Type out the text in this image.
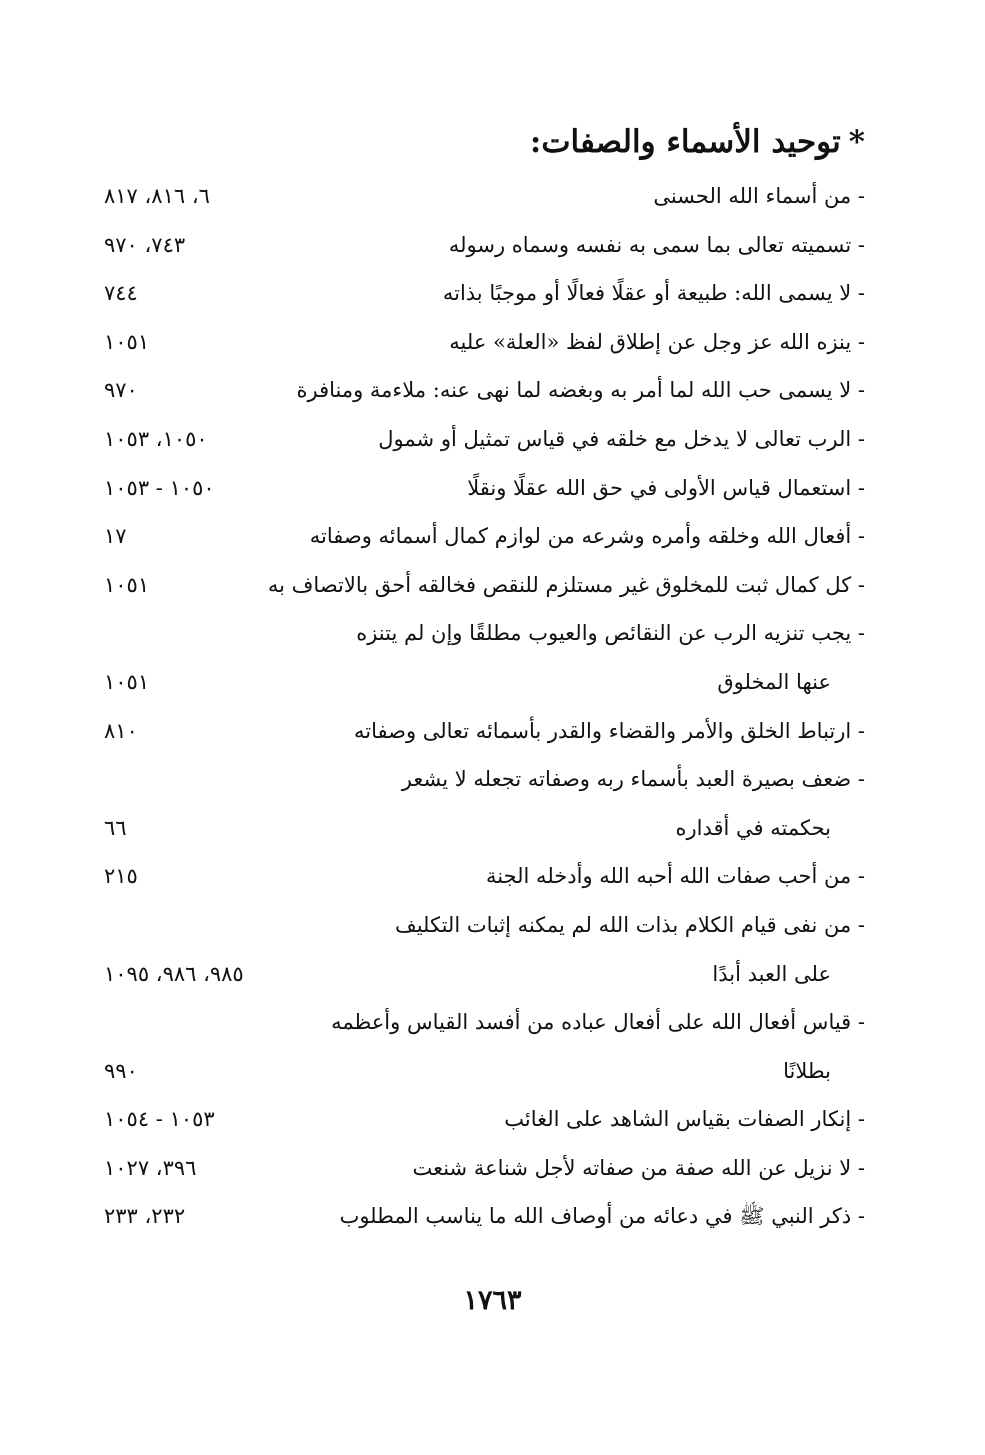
*توحيد الأسماء والصفات:
- من أسماء الله الحسنى
٦، ٨١٦، ٨١٧
- تسميته تعالى بما سمى به نفسه وسماه رسوله
٧٤٣، ٩٧٠
- لا يسمى الله: طبيعة أو عقلًا فعالًا أو موجبًا بذاته
٧٤٤
- ينزه الله عز وجل عن إطلاق لفظ «العلة» عليه
١٠٥١
- لا يسمى حب الله لما أمر به وبغضه لما نهى عنه: ملاءمة ومنافرة
٩٧٠
- الرب تعالى لا يدخل مع خلقه في قياس تمثيل أو شمول
١٠٥٠، ١٠٥٣
- استعمال قياس الأولى في حق الله عقلًا ونقلًا
١٠٥٠ - ١٠٥٣
- أفعال الله وخلقه وأمره وشرعه من لوازم كمال أسمائه وصفاته
١٧
- كل كمال ثبت للمخلوق غير مستلزم للنقص فخالقه أحق بالاتصاف به
١٠٥١
- يجب تنزيه الرب عن النقائص والعيوب مطلقًا وإن لم يتنزه
عنها المخلوق
١٠٥١
- ارتباط الخلق والأمر والقضاء والقدر بأسمائه تعالى وصفاته
٨١٠
- ضعف بصيرة العبد بأسماء ربه وصفاته تجعله لا يشعر
بحكمته في أقداره
٦٦
- من أحب صفات الله أحبه الله وأدخله الجنة
٢١٥
- من نفى قيام الكلام بذات الله لم يمكنه إثبات التكليف
على العبد أبدًا
٩٨٥، ٩٨٦، ١٠٩٥
- قياس أفعال الله على أفعال عباده من أفسد القياس وأعظمه
بطلانًا
٩٩٠
- إنكار الصفات بقياس الشاهد على الغائب
١٠٥٣ - ١٠٥٤
- لا نزيل عن الله صفة من صفاته لأجل شناعة شنعت
٣٩٦، ١٠٢٧
- ذكر النبي ﷺ في دعائه من أوصاف الله ما يناسب المطلوب
٢٣٢، ٢٣٣
١٧٦٣
